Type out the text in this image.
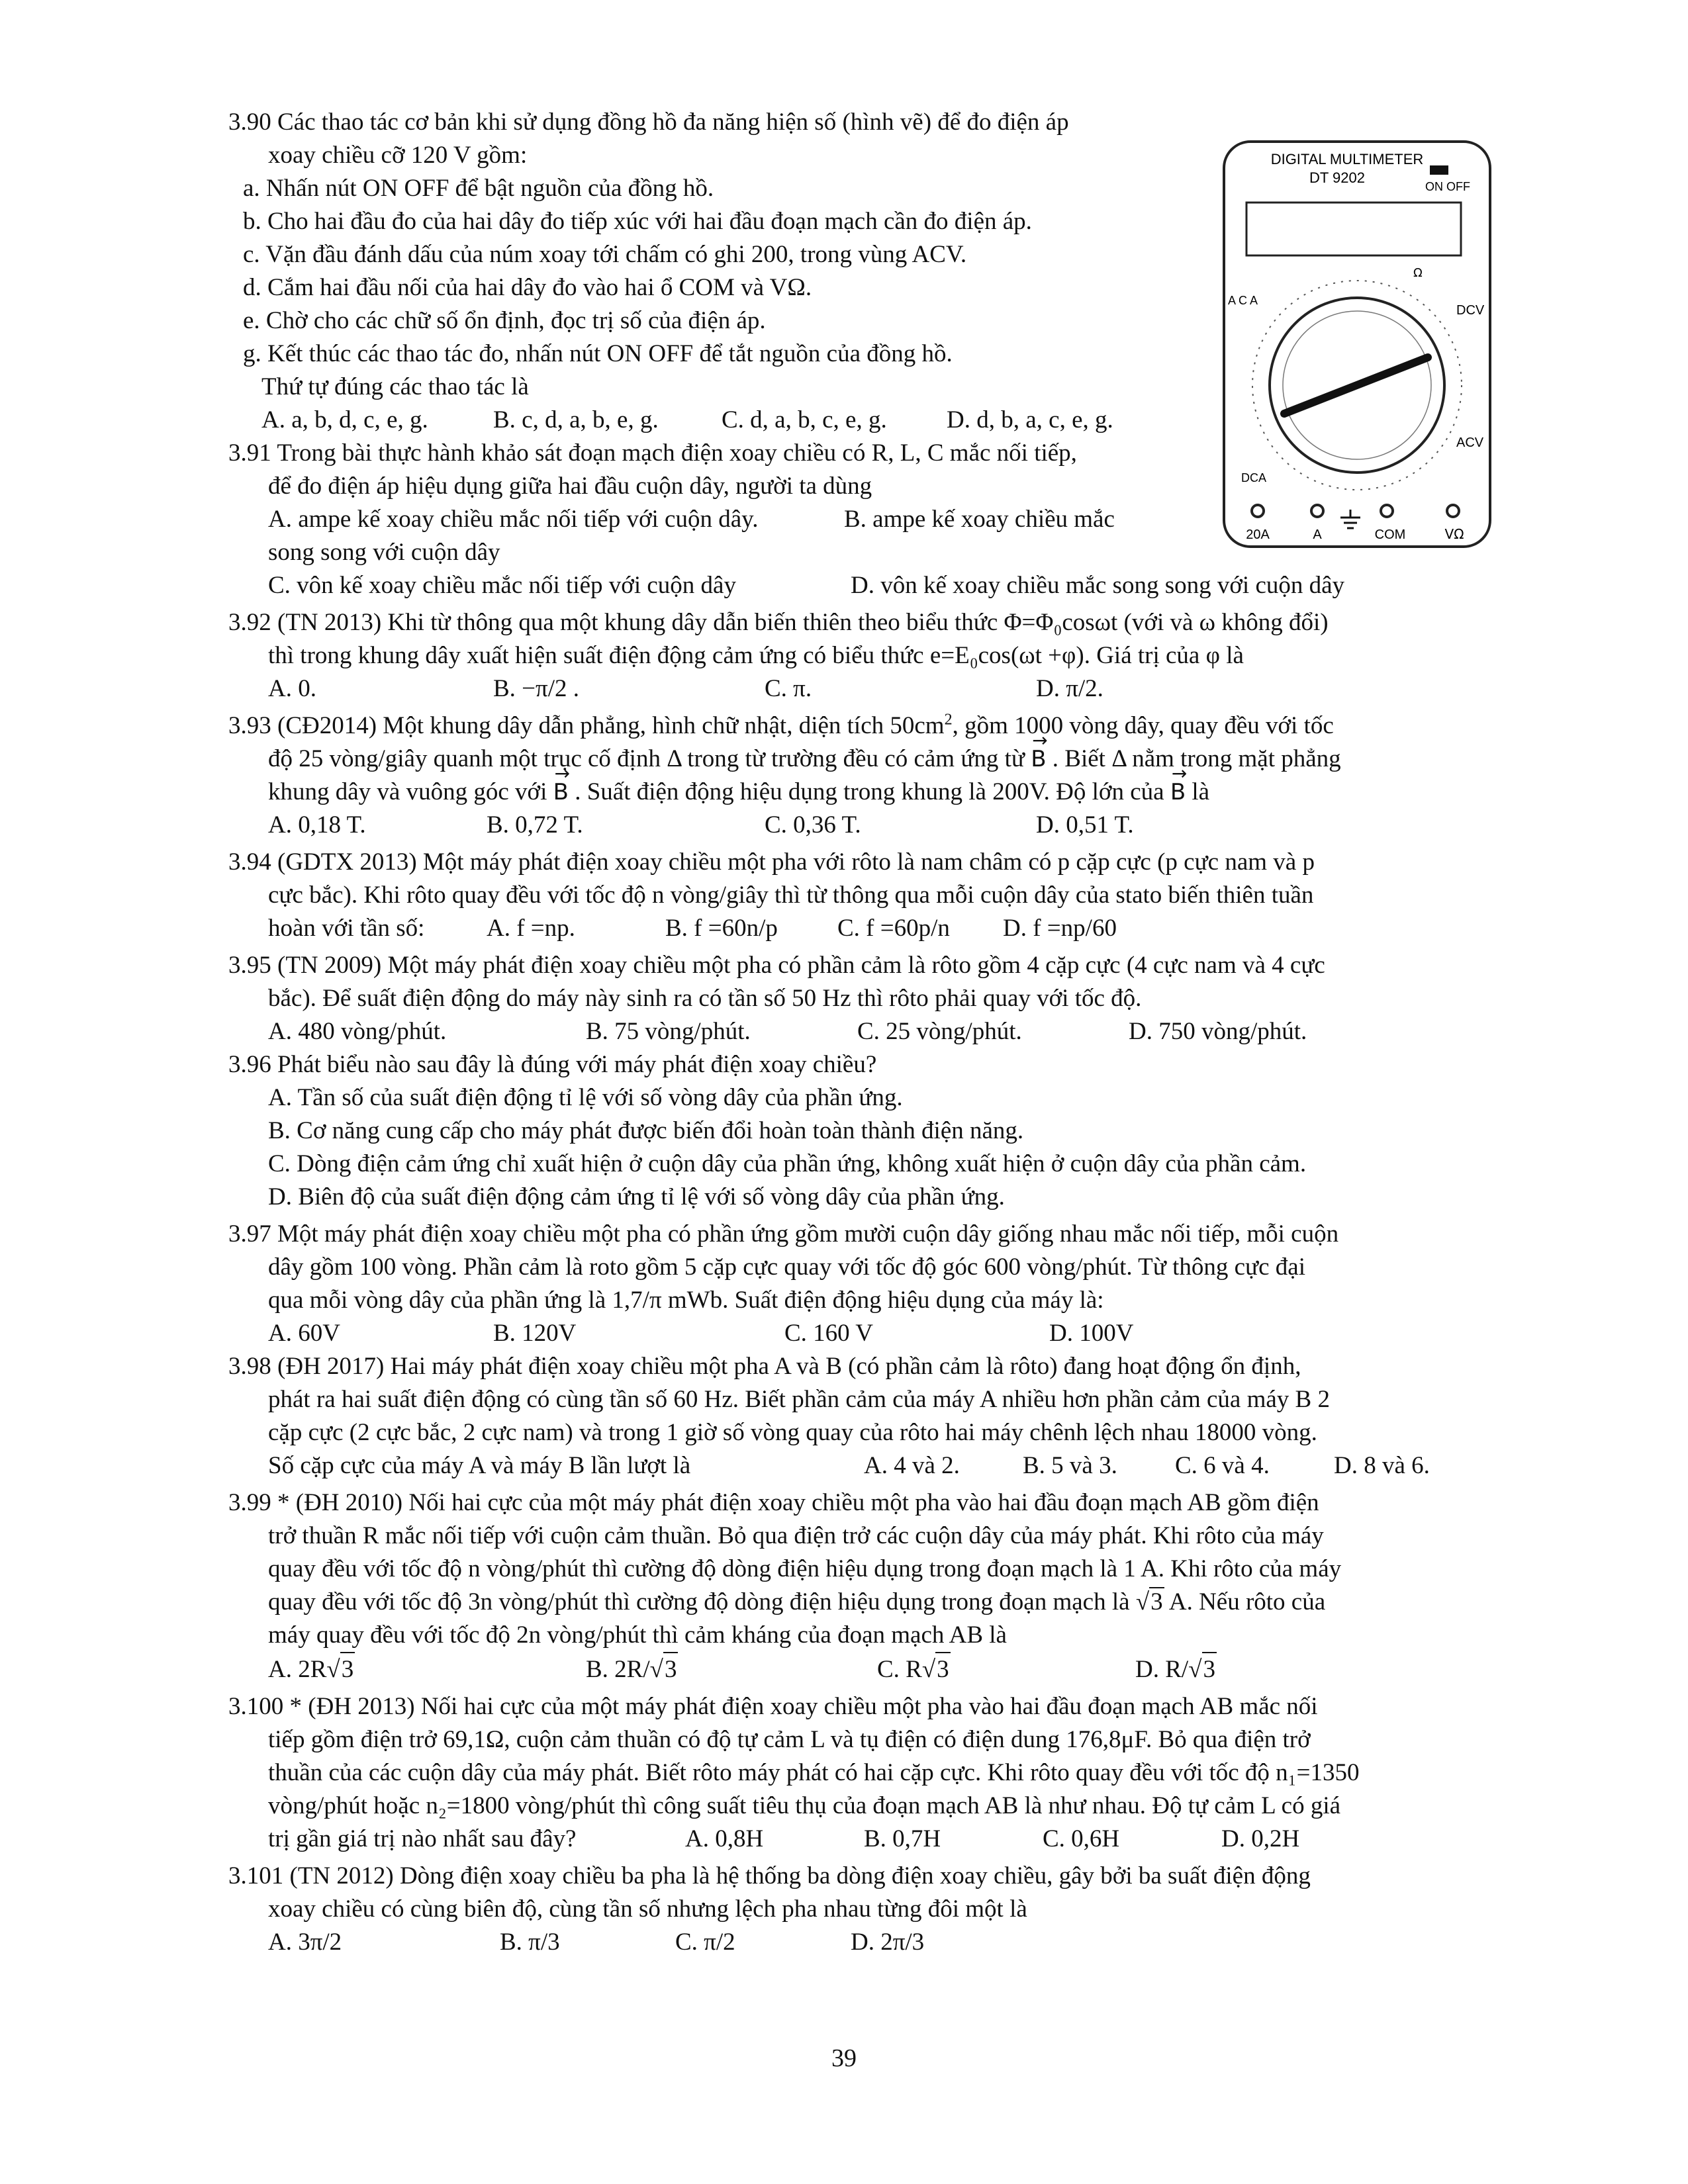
3.90 Các thao tác cơ bản khi sử dụng đồng hồ đa năng hiện số (hình vẽ) để đo điện áp
xoay chiều cỡ 120 V gồm:
a. Nhấn nút ON OFF để bật nguồn của đồng hồ.
b. Cho hai đầu đo của hai dây đo tiếp xúc với hai đầu đoạn mạch cần đo điện áp.
c. Vặn đầu đánh dấu của núm xoay tới chấm có ghi 200, trong vùng ACV.
d. Cắm hai đầu nối của hai dây đo vào hai ổ COM và VΩ.
e. Chờ cho các chữ số ổn định, đọc trị số của điện áp.
g. Kết thúc các thao tác đo, nhấn nút ON OFF để tắt nguồn của đồng hồ.
Thứ tự đúng các thao tác là
A. a, b, d, c, e, g.	B. c, d, a, b, e, g.	C. d, a, b, c, e, g.	D. d, b, a, c, e, g.
3.91 Trong bài thực hành khảo sát đoạn mạch điện xoay chiều có R, L, C mắc nối tiếp,
để đo điện áp hiệu dụng giữa hai đầu cuộn dây, người ta dùng
A. ampe kế xoay chiều mắc nối tiếp với cuộn dây.	B. ampe kế xoay chiều mắc
song song với cuộn dây
C. vôn kế xoay chiều mắc nối tiếp với cuộn dây	D. vôn kế xoay chiều mắc song song với cuộn dây
3.92 (TN 2013) Khi từ thông qua một khung dây dẫn biến thiên theo biểu thức Φ=Φ₀cosωt (với và ω không đổi)
thì trong khung dây xuất hiện suất điện động cảm ứng có biểu thức e=E₀cos(ωt +φ). Giá trị của φ là
A. 0.	B. −π/2 .	C. π.	D. π/2.
3.93 (CĐ2014) Một khung dây dẫn phẳng, hình chữ nhật, diện tích $50cm^2$, gồm 1000 vòng dây, quay đều với tốc
độ 25 vòng/giây quanh một trục cố định Δ trong từ trường đều có cảm ứng từ → B . Biết Δ nằm trong mặt phẳng
khung dây và vuông góc với → B . Suất điện động hiệu dụng trong khung là 200V. Độ lớn của → B là
A. 0,18 T.	B. 0,72 T.	C. 0,36 T.	D. 0,51 T.
3.94 (GDTX 2013) Một máy phát điện xoay chiều một pha với rôto là nam châm có p cặp cực (p cực nam và p
cực bắc). Khi rôto quay đều với tốc độ n vòng/giây thì từ thông qua mỗi cuộn dây của stato biến thiên tuần
hoàn với tần số:	A. f =np.	B. f =60n/p	C. f =60p/n	D. f =np/60
3.95 (TN 2009) Một máy phát điện xoay chiều một pha có phần cảm là rôto gồm 4 cặp cực (4 cực nam và 4 cực
bắc). Để suất điện động do máy này sinh ra có tần số 50 Hz thì rôto phải quay với tốc độ.
A. 480 vòng/phút.	B. 75 vòng/phút.	C. 25 vòng/phút.	D. 750 vòng/phút.
3.96 Phát biểu nào sau đây là đúng với máy phát điện xoay chiều?
A. Tần số của suất điện động tỉ lệ với số vòng dây của phần ứng.
B. Cơ năng cung cấp cho máy phát được biến đổi hoàn toàn thành điện năng.
C. Dòng điện cảm ứng chỉ xuất hiện ở cuộn dây của phần ứng, không xuất hiện ở cuộn dây của phần cảm.
D. Biên độ của suất điện động cảm ứng tỉ lệ với số vòng dây của phần ứng.
3.97 Một máy phát điện xoay chiều một pha có phần ứng gồm mười cuộn dây giống nhau mắc nối tiếp, mỗi cuộn
dây gồm 100 vòng. Phần cảm là roto gồm 5 cặp cực quay với tốc độ góc 600 vòng/phút. Từ thông cực đại
qua mỗi vòng dây của phần ứng là 1,7/π mWb. Suất điện động hiệu dụng của máy là:
A. 60V	B. 120V	C. 160 V	D. 100V
3.98 (ĐH 2017) Hai máy phát điện xoay chiều một pha A và B (có phần cảm là rôto) đang hoạt động ổn định,
phát ra hai suất điện động có cùng tần số 60 Hz. Biết phần cảm của máy A nhiều hơn phần cảm của máy B 2
cặp cực (2 cực bắc, 2 cực nam) và trong 1 giờ số vòng quay của rôto hai máy chênh lệch nhau 18000 vòng.
Số cặp cực của máy A và máy B lần lượt là	A. 4 và 2.	B. 5 và 3.	C. 6 và 4.	D. 8 và 6.
3.99 * (ĐH 2010) Nối hai cực của một máy phát điện xoay chiều một pha vào hai đầu đoạn mạch AB gồm điện
trở thuần R mắc nối tiếp với cuộn cảm thuần. Bỏ qua điện trở các cuộn dây của máy phát. Khi rôto của máy
quay đều với tốc độ n vòng/phút thì cường độ dòng điện hiệu dụng trong đoạn mạch là 1 A. Khi rôto của máy
quay đều với tốc độ 3n vòng/phút thì cường độ dòng điện hiệu dụng trong đoạn mạch là √3 A. Nếu rôto của
máy quay đều với tốc độ 2n vòng/phút thì cảm kháng của đoạn mạch AB là
A. 2R√3	B. 2R/√3	C. R√3	D. R/√3
3.100 * (ĐH 2013) Nối hai cực của một máy phát điện xoay chiều một pha vào hai đầu đoạn mạch AB mắc nối
tiếp gồm điện trở 69,1Ω, cuộn cảm thuần có độ tự cảm L và tụ điện có điện dung 176,8μF. Bỏ qua điện trở
thuần của các cuộn dây của máy phát. Biết rôto máy phát có hai cặp cực. Khi rôto quay đều với tốc độ n₁=1350
vòng/phút hoặc n₂=1800 vòng/phút thì công suất tiêu thụ của đoạn mạch AB là như nhau. Độ tự cảm L có giá
trị gần giá trị nào nhất sau đây?	A. 0,8H	B. 0,7H	C. 0,6H	D. 0,2H
3.101 (TN 2012) Dòng điện xoay chiều ba pha là hệ thống ba dòng điện xoay chiều, gây bởi ba suất điện động
xoay chiều có cùng biên độ, cùng tần số nhưng lệch pha nhau từng đôi một là
A. 3π/2	B. π/3	C. π/2	D. 2π/3
DIGITAL MULTIMETER
DT 9202
ON OFF
DCV
ACV
A C A
DCA
Ω
20A	A	COM	VΩ
39
